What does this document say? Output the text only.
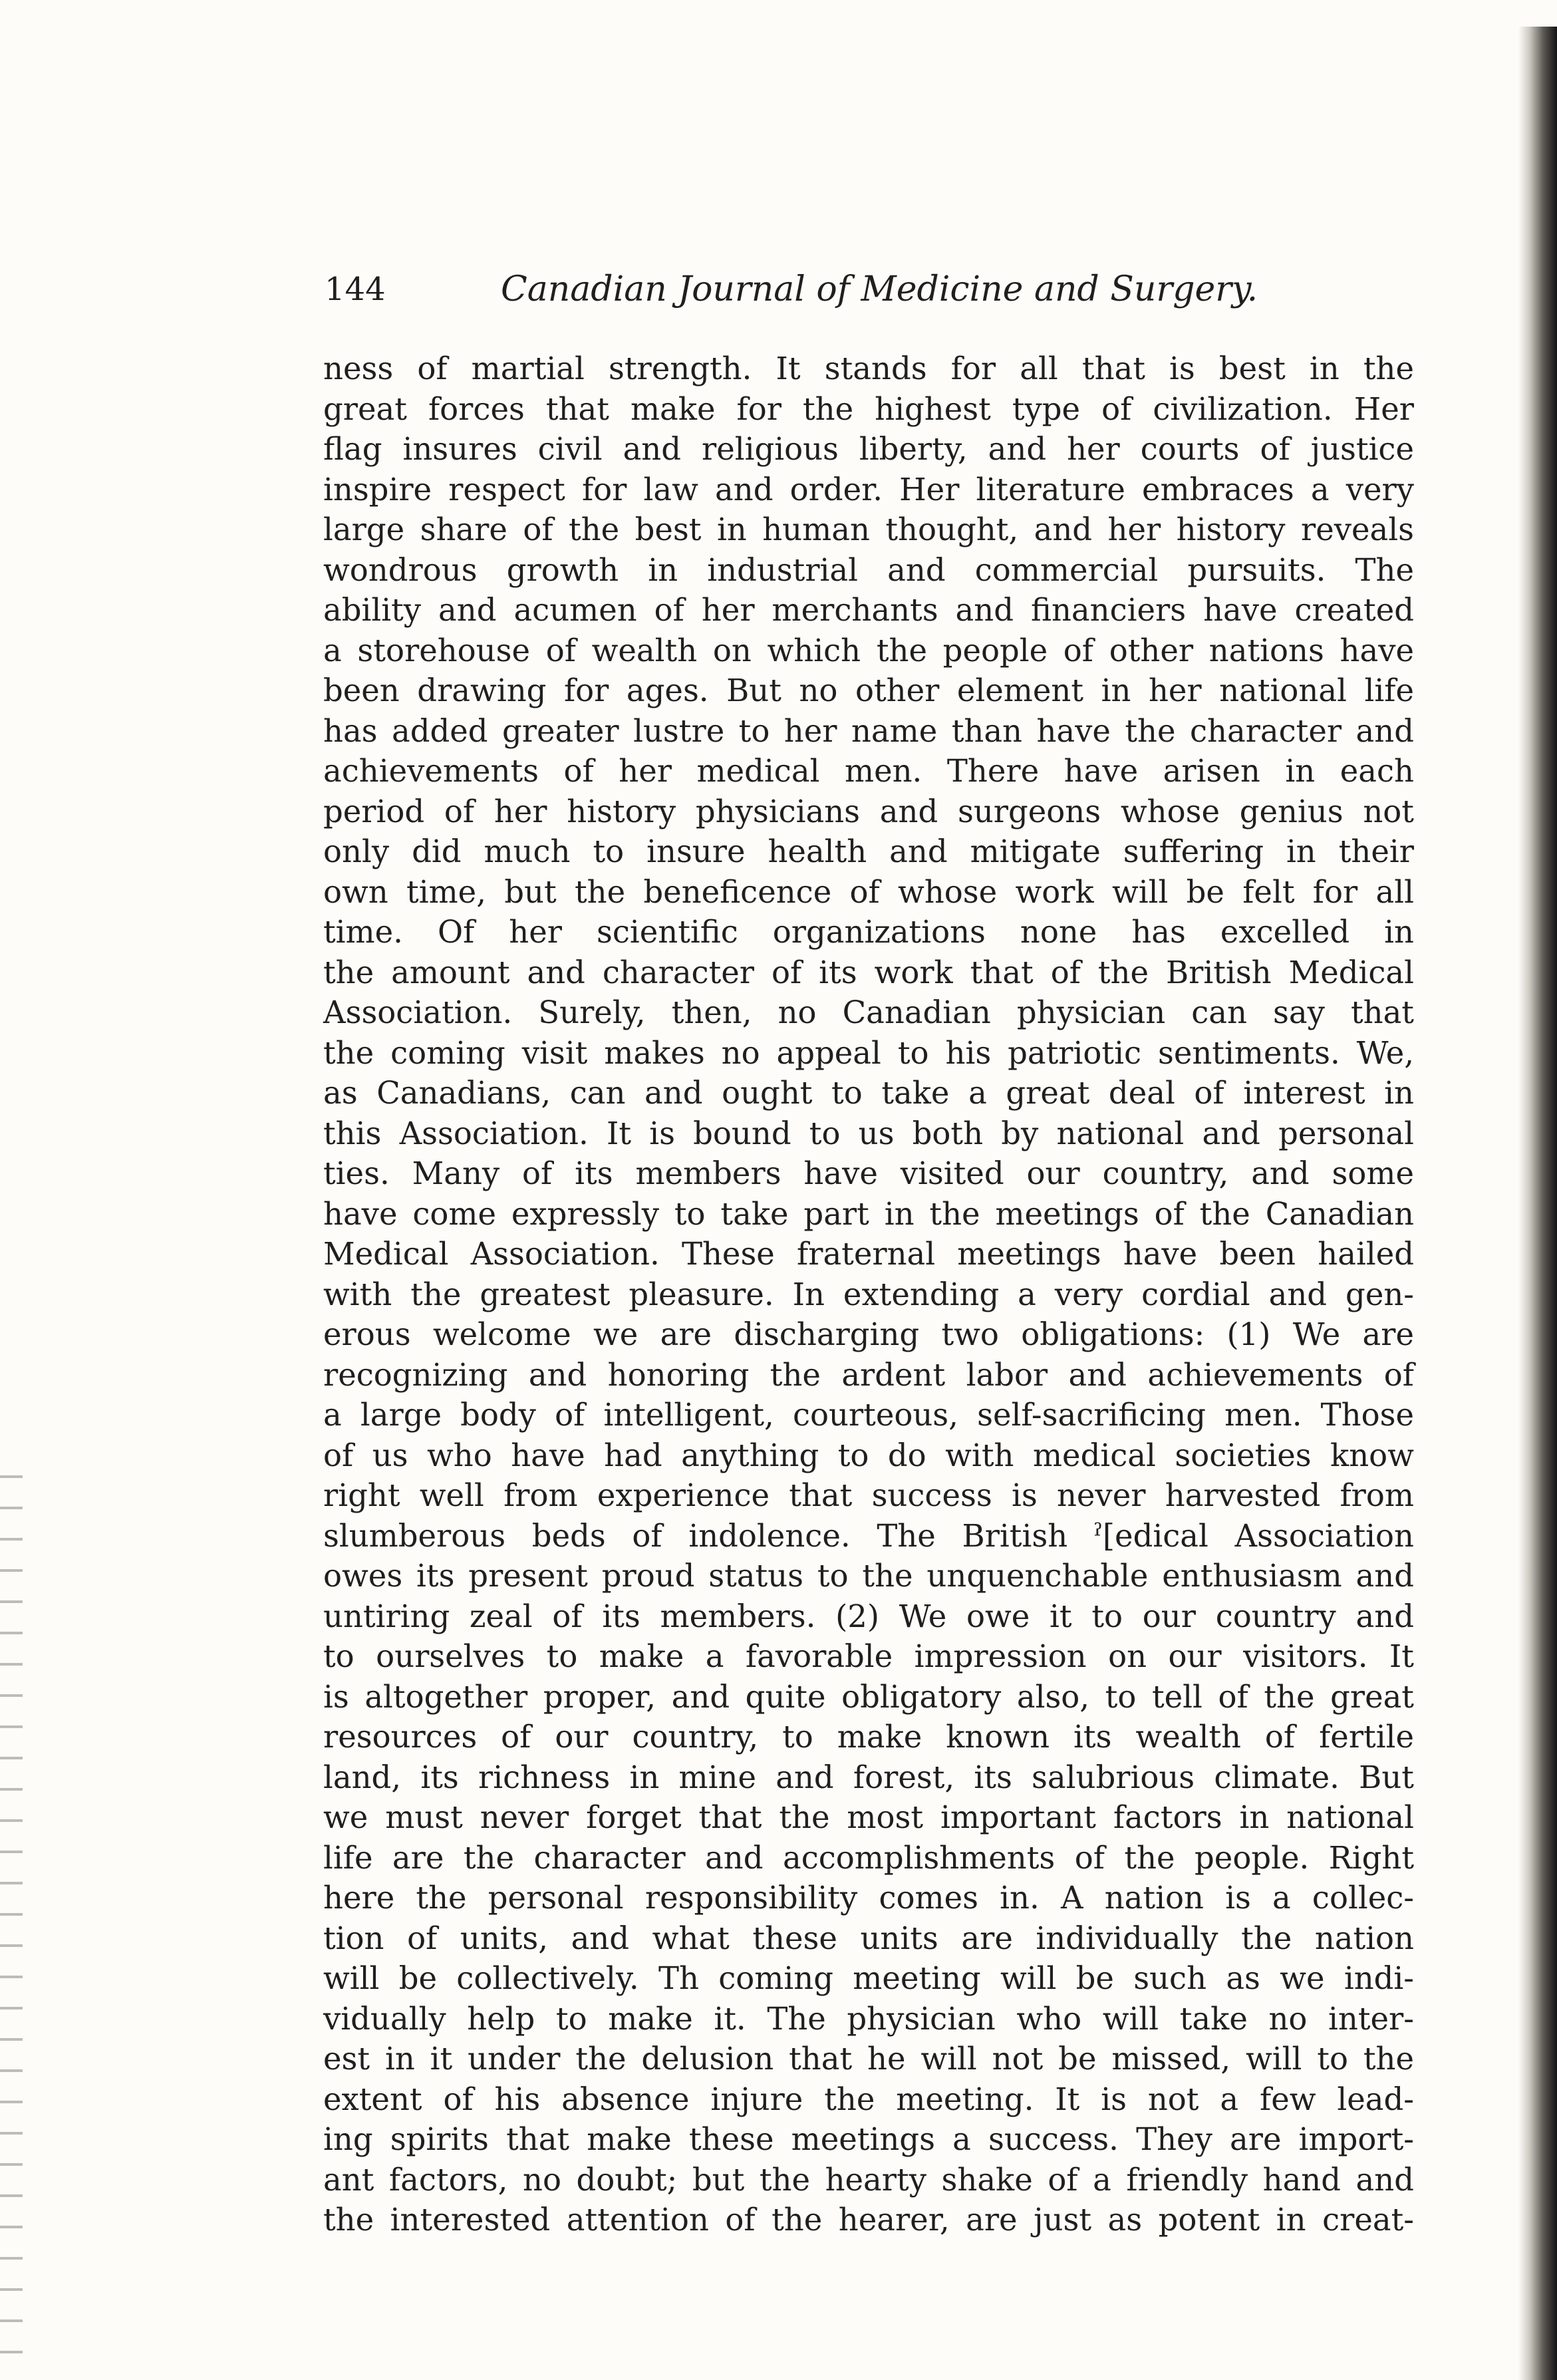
144	Canadian Journal of Medicine and Surgery.
ness of martial strength. It stands for all that is best in the
great forces that make for the highest type of civilization. Her
flag insures civil and religious liberty, and her courts of justice
inspire respect for law and order. Her literature embraces a very
large share of the best in human thought, and her history reveals
wondrous growth in industrial and commercial pursuits. The
ability and acumen of her merchants and financiers have created
a storehouse of wealth on which the people of other nations have
been drawing for ages. But no other element in her national life
has added greater lustre to her name than have the character and
achievements of her medical men. There have arisen in each
period of her history physicians and surgeons whose genius not
only did much to insure health and mitigate suffering in their
own time, but the beneficence of whose work will be felt for all
time. Of her scientific organizations none has excelled in
the amount and character of its work that of the British Medical
Association. Surely, then, no Canadian physician can say that
the coming visit makes no appeal to his patriotic sentiments. We,
as Canadians, can and ought to take a great deal of interest in
this Association. It is bound to us both by national and personal
ties. Many of its members have visited our country, and some
have come expressly to take part in the meetings of the Canadian
Medical Association. These fraternal meetings have been hailed
with the greatest pleasure. In extending a very cordial and gen-
erous welcome we are discharging two obligations: (1) We are
recognizing and honoring the ardent labor and achievements of
a large body of intelligent, courteous, self-sacrificing men. Those
of us who have had anything to do with medical societies know
right well from experience that success is never harvested from
slumberous beds of indolence. The British ˀ[edical Association
owes its present proud status to the unquenchable enthusiasm and
untiring zeal of its members. (2) We owe it to our country and
to ourselves to make a favorable impression on our visitors. It
is altogether proper, and quite obligatory also, to tell of the great
resources of our country, to make known its wealth of fertile
land, its richness in mine and forest, its salubrious climate. But
we must never forget that the most important factors in national
life are the character and accomplishments of the people. Right
here the personal responsibility comes in. A nation is a collec-
tion of units, and what these units are individually the nation
will be collectively. Th coming meeting will be such as we indi-
vidually help to make it. The physician who will take no inter-
est in it under the delusion that he will not be missed, will to the
extent of his absence injure the meeting. It is not a few lead-
ing spirits that make these meetings a success. They are import-
ant factors, no doubt; but the hearty shake of a friendly hand and
the interested attention of the hearer, are just as potent in creat-
